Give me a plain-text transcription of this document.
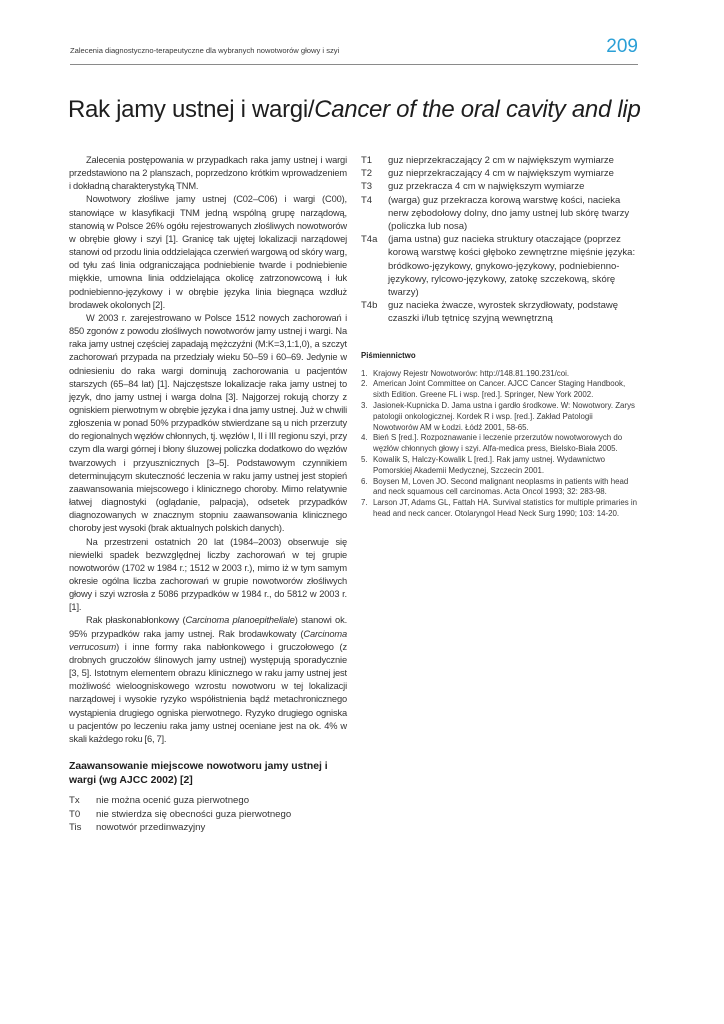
Zalecenia diagnostyczno-terapeutyczne dla wybranych nowotworów głowy i szyi	209
Rak jamy ustnej i wargi/Cancer of the oral cavity and lip

Zalecenia postępowania w przypadkach raka jamy ustnej i wargi przedstawiono na 2 planszach, poprzedzono krótkim wprowadzeniem i dokładną charakterystyką TNM.

Nowotwory złośliwe jamy ustnej (C02–C06) i wargi (C00), stanowiące w klasyfikacji TNM jedną wspólną grupę narządową, stanowią w Polsce 26% ogółu rejestrowanych złośliwych nowotworów w obrębie głowy i szyi [1]. Granicę tak ujętej lokalizacji narządowej stanowi od przodu linia oddzielająca czerwień wargową od skóry warg, od tyłu zaś linia odgraniczająca podniebienie twarde i podniebienie miękkie, umowna linia oddzielająca okolicę zatrzonowcową i łuk podniebienno-językowy i w obrębie języka linia biegnąca wzdłuż brodawek okolonych [2].

W 2003 r. zarejestrowano w Polsce 1512 nowych zachorowań i 850 zgonów z powodu złośliwych nowotworów jamy ustnej i wargi. Na raka jamy ustnej częściej zapadają mężczyźni (M:K=3,1:1,0), a szczyt zachorowań przypada na przedziały wieku 50–59 i 60–69. Jedynie w odniesieniu do raka wargi dominują zachorowania u pacjentów starszych (65–84 lat) [1]. Najczęstsze lokalizacje raka jamy ustnej to język, dno jamy ustnej i warga dolna [3]. Najgorzej rokują chorzy z ogniskiem pierwotnym w obrębie języka i dna jamy ustnej. Już w chwili zgłoszenia w ponad 50% przypadków stwierdzane są u nich przerzuty do regionalnych węzłów chłonnych, tj. węzłów I, II i III regionu szyi, przy czym dla wargi górnej i błony śluzowej policzka dodatkowo do węzłów twarzowych i przyusznicznych [3–5]. Podstawowym czynnikiem determinującym skuteczność leczenia w raku jamy ustnej jest stopień zaawansowania miejscowego i klinicznego choroby. Mimo relatywnie łatwej diagnostyki (oglądanie, palpacja), odsetek przypadków diagnozowanych w znacznym stopniu zaawansowania klinicznego choroby jest wysoki (brak aktualnych polskich danych).

Na przestrzeni ostatnich 20 lat (1984–2003) obserwuje się niewielki spadek bezwzględnej liczby zachorowań w tej grupie nowotworów (1702 w 1984 r.; 1512 w 2003 r.), mimo iż w tym samym okresie ogólna liczba zachorowań w grupie nowotworów złośliwych głowy i szyi wzrosła z 5086 przypadków w 1984 r., do 5812 w 2003 r. [1].

Rak płaskonabłonkowy (Carcinoma planoepitheliale) stanowi ok. 95% przypadków raka jamy ustnej. Rak brodawkowaty (Carcinoma verrucosum) i inne formy raka nabłonkowego i gruczołowego (z drobnych gruczołów ślinowych jamy ustnej) występują sporadycznie [3, 5]. Istotnym elementem obrazu klinicznego w raku jamy ustnej jest możliwość wieloogniskowego wzrostu nowotworu w tej lokalizacji narządowej i wysokie ryzyko współistnienia bądź metachronicznego wystąpienia drugiego ogniska pierwotnego. Ryzyko drugiego ogniska u pacjentów po leczeniu raka jamy ustnej oceniane jest na ok. 4% w skali każdego roku [6, 7].

Zaawansowanie miejscowe nowotworu jamy ustnej i wargi (wg AJCC 2002) [2]
Tx	nie można ocenić guza pierwotnego
T0	nie stwierdza się obecności guza pierwotnego
Tis	nowotwór przedinwazyjny
T1	guz nieprzekraczający 2 cm w największym wymiarze
T2	guz nieprzekraczający 4 cm w największym wymiarze
T3	guz przekracza 4 cm w największym wymiarze
T4	(warga) guz przekracza korową warstwę kości, nacieka nerw zębodołowy dolny, dno jamy ustnej lub skórę twarzy (policzka lub nosa)
T4a	(jama ustna) guz nacieka struktury otaczające (poprzez korową warstwę kości głęboko zewnętrzne mięśnie języka: bródkowo-językowy, gnykowo-językowy, podniebienno-językowy, rylcowo-językowy, zatokę szczekową, skórę twarzy)
T4b	guz nacieka żwacze, wyrostek skrzydłowaty, podstawę czaszki i/lub tętnicę szyjną wewnętrzną
Piśmiennictwo
1. Krajowy Rejestr Nowotworów: http://148.81.190.231/coi.
2. American Joint Committee on Cancer. AJCC Cancer Staging Handbook, sixth Edition. Greene FL i wsp. [red.]. Springer, New York 2002.
3. Jasionek-Kupnicka D. Jama ustna i gardło środkowe. W: Nowotwory. Zarys patologii onkologicznej. Kordek R i wsp. [red.]. Zakład Patologii Nowotworów AM w Łodzi. Łódź 2001, 58-65.
4. Bień S [red.]. Rozpoznawanie i leczenie przerzutów nowotworowych do węzłów chłonnych głowy i szyi. Alfa-medica press, Bielsko-Biała 2005.
5. Kowalik S, Halczy-Kowalik L [red.]. Rak jamy ustnej. Wydawnictwo Pomorskiej Akademii Medycznej, Szczecin 2001.
6. Boysen M, Loven JO. Second malignant neoplasms in patients with head and neck squamous cell carcinomas. Acta Oncol 1993; 32: 283-98.
7. Larson JT, Adams GL, Fattah HA. Survival statistics for multiple primaries in head and neck cancer. Otolaryngol Head Neck Surg 1990; 103: 14-20.
